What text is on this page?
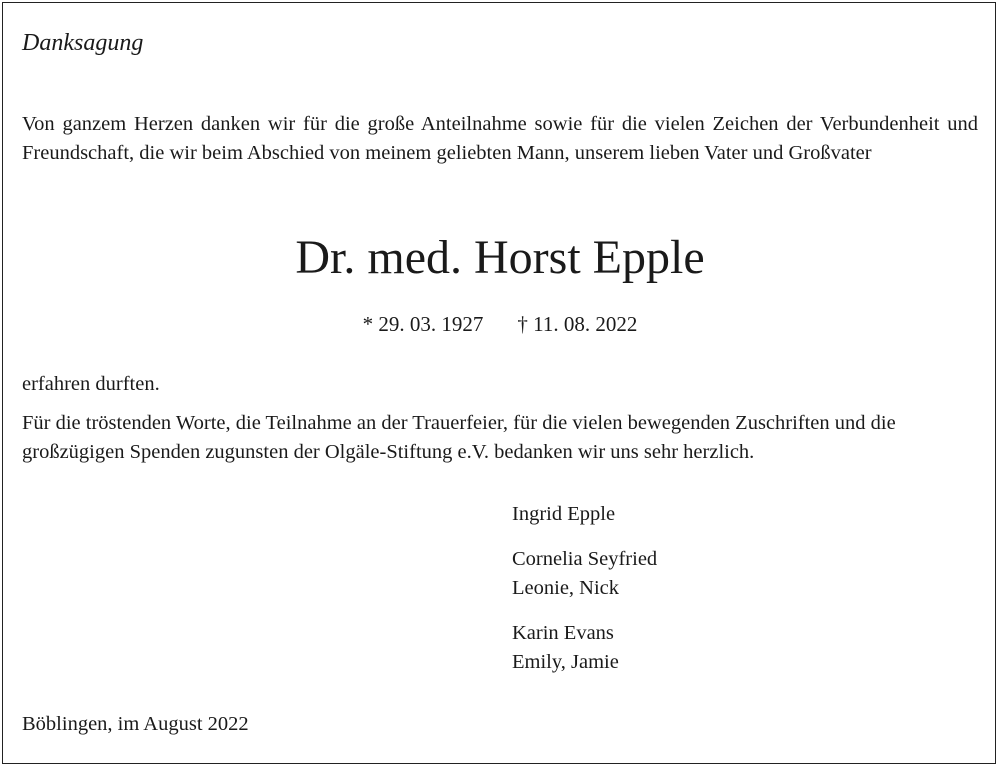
Danksagung

Von ganzem Herzen danken wir für die große Anteilnahme sowie für die vielen Zeichen der Verbundenheit und Freundschaft, die wir beim Abschied von meinem geliebten Mann, unserem lieben Vater und Großvater

Dr. med. Horst Epple

* 29. 03. 1927 † 11. 08. 2022

erfahren durften.

Für die tröstenden Worte, die Teilnahme an der Trauerfeier, für die vielen bewegenden Zuschriften und die großzügigen Spenden zugunsten der Olgäle-Stiftung e.V. bedanken wir uns sehr herzlich.

Ingrid Epple
Cornelia Seyfried
Leonie, Nick
Karin Evans
Emily, Jamie

Böblingen, im August 2022
